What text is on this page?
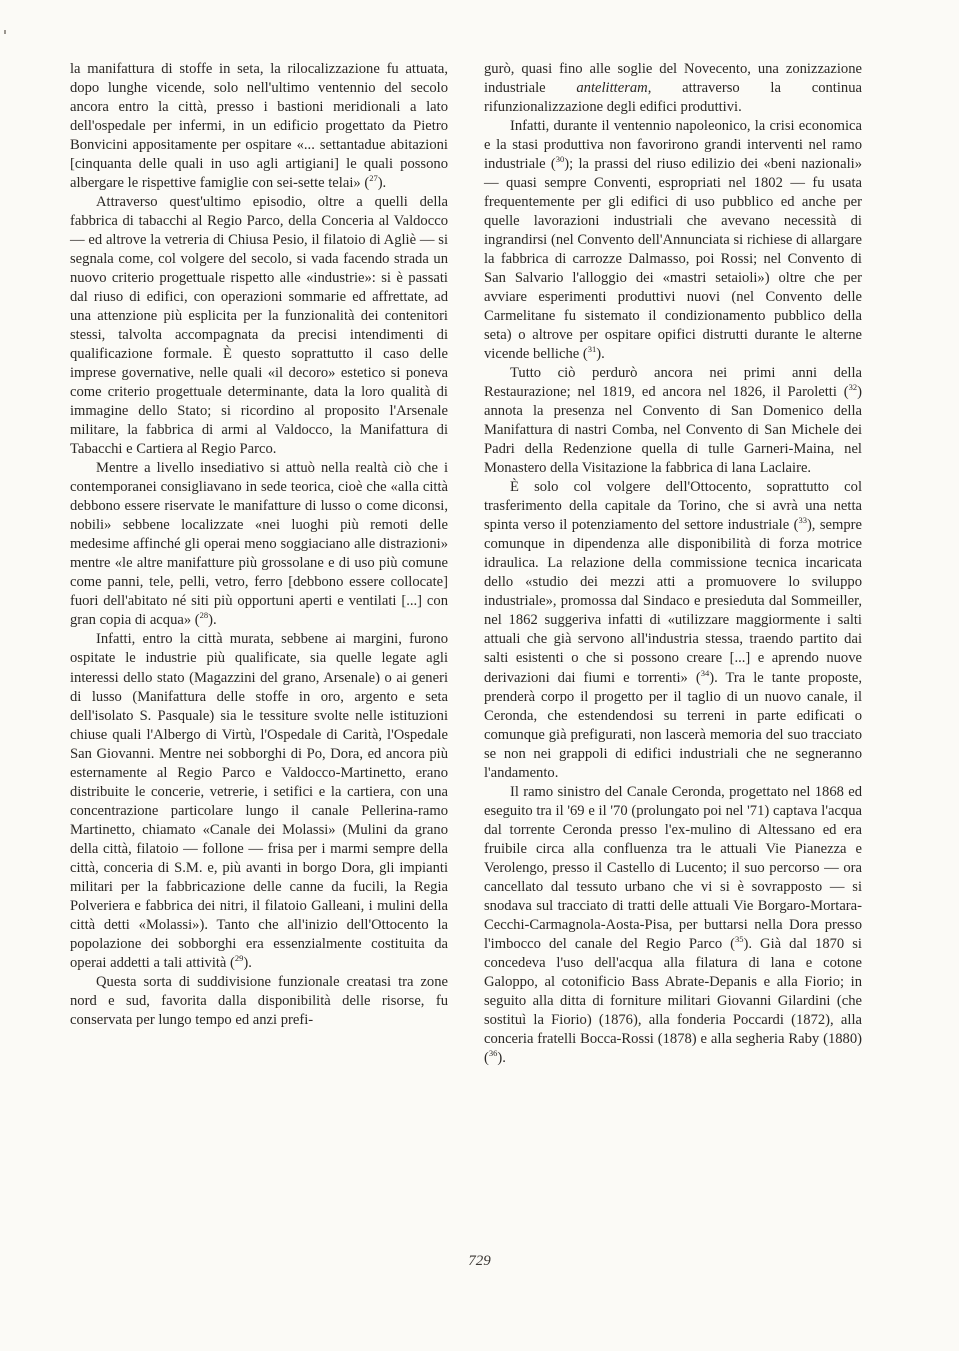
la manifattura di stoffe in seta, la rilocalizzazione fu attuata, dopo lunghe vicende, solo nell'ultimo ventennio del secolo ancora entro la città, presso i bastioni meridionali a lato dell'ospedale per infermi, in un edificio progettato da Pietro Bonvicini appositamente per ospitare «... settantadue abitazioni [cinquanta delle quali in uso agli artigiani] le quali possono albergare le rispettive famiglie con sei-sette telai» ($^{27}$).

Attraverso quest'ultimo episodio, oltre a quelli della fabbrica di tabacchi al Regio Parco, della Conceria al Valdocco — ed altrove la vetreria di Chiusa Pesio, il filatoio di Agliè — si segnala come, col volgere del secolo, si vada facendo strada un nuovo criterio progettuale rispetto alle «industrie»: si è passati dal riuso di edifici, con operazioni sommarie ed affrettate, ad una attenzione più esplicita per la funzionalità dei contenitori stessi, talvolta accompagnata da precisi intendimenti di qualificazione formale. È questo soprattutto il caso delle imprese governative, nelle quali «il decoro» estetico si poneva come criterio progettuale determinante, data la loro qualità di immagine dello Stato; si ricordino al proposito l'Arsenale militare, la fabbrica di armi al Valdocco, la Manifattura di Tabacchi e Cartiera al Regio Parco.

Mentre a livello insediativo si attuò nella realtà ciò che i contemporanei consigliavano in sede teorica, cioè che «alla città debbono essere riservate le manifatture di lusso o come diconsi, nobili» sebbene localizzate «nei luoghi più remoti delle medesime affinché gli operai meno soggiaciano alle distrazioni» mentre «le altre manifatture più grossolane e di uso più comune come panni, tele, pelli, vetro, ferro [debbono essere collocate] fuori dell'abitato né siti più opportuni aperti e ventilati [...] con gran copia di acqua» ($^{28}$).

Infatti, entro la città murata, sebbene ai margini, furono ospitate le industrie più qualificate, sia quelle legate agli interessi dello stato (Magazzini del grano, Arsenale) o ai generi di lusso (Manifattura delle stoffe in oro, argento e seta dell'isolato S. Pasquale) sia le tessiture svolte nelle istituzioni chiuse quali l'Albergo di Virtù, l'Ospedale di Carità, l'Ospedale San Giovanni. Mentre nei sobborghi di Po, Dora, ed ancora più esternamente al Regio Parco e Valdocco-Martinetto, erano distribuite le concerie, vetrerie, i setifici e la cartiera, con una concentrazione particolare lungo il canale Pellerina-ramo Martinetto, chiamato «Canale dei Molassi» (Mulini da grano della città, filatoio — follone — frisa per i marmi sempre della città, conceria di S.M. e, più avanti in borgo Dora, gli impianti militari per la fabbricazione delle canne da fucili, la Regia Polveriera e fabbrica dei nitri, il filatoio Galleani, i mulini della città detti «Molassi»). Tanto che all'inizio dell'Ottocento la popolazione dei sobborghi era essenzialmente costituita da operai addetti a tali attività ($^{29}$).

Questa sorta di suddivisione funzionale creatasi tra zone nord e sud, favorita dalla disponibilità delle risorse, fu conservata per lungo tempo ed anzi prefi-

gurò, quasi fino alle soglie del Novecento, una zonizzazione industriale antelitteram, attraverso la continua rifunzionalizzazione degli edifici produttivi.

Infatti, durante il ventennio napoleonico, la crisi economica e la stasi produttiva non favorirono grandi interventi nel ramo industriale ($^{30}$); la prassi del riuso edilizio dei «beni nazionali» — quasi sempre Conventi, espropriati nel 1802 — fu usata frequentemente per gli edifici di uso pubblico ed anche per quelle lavorazioni industriali che avevano necessità di ingrandirsi (nel Convento dell'Annunciata si richiese di allargare la fabbrica di carrozze Dalmasso, poi Rossi; nel Convento di San Salvario l'alloggio dei «mastri setaioli») oltre che per avviare esperimenti produttivi nuovi (nel Convento delle Carmelitane fu sistemato il condizionamento pubblico della seta) o altrove per ospitare opifici distrutti durante le alterne vicende belliche ($^{31}$).

Tutto ciò perdurò ancora nei primi anni della Restaurazione; nel 1819, ed ancora nel 1826, il Paroletti ($^{32}$) annota la presenza nel Convento di San Domenico della Manifattura di nastri Comba, nel Convento di San Michele dei Padri della Redenzione quella di tulle Garneri-Maina, nel Monastero della Visitazione la fabbrica di lana Laclaire.

È solo col volgere dell'Ottocento, soprattutto col trasferimento della capitale da Torino, che si avrà una netta spinta verso il potenziamento del settore industriale ($^{33}$), sempre comunque in dipendenza alle disponibilità di forza motrice idraulica. La relazione della commissione tecnica incaricata dello «studio dei mezzi atti a promuovere lo sviluppo industriale», promossa dal Sindaco e presieduta dal Sommeiller, nel 1862 suggeriva infatti di «utilizzare maggiormente i salti attuali che già servono all'industria stessa, traendo partito dai salti esistenti o che si possono creare [...] e aprendo nuove derivazioni dai fiumi e torrenti» ($^{34}$). Tra le tante proposte, prenderà corpo il progetto per il taglio di un nuovo canale, il Ceronda, che estendendosi su terreni in parte edificati o comunque già prefigurati, non lascerà memoria del suo tracciato se non nei grappoli di edifici industriali che ne segneranno l'andamento.

Il ramo sinistro del Canale Ceronda, progettato nel 1868 ed eseguito tra il '69 e il '70 (prolungato poi nel '71) captava l'acqua dal torrente Ceronda presso l'ex-mulino di Altessano ed era fruibile circa alla confluenza tra le attuali Vie Pianezza e Verolengo, presso il Castello di Lucento; il suo percorso — ora cancellato dal tessuto urbano che vi si è sovrapposto — si snodava sul tracciato di tratti delle attuali Vie Borgaro-Mortara-Cecchi-Carmagnola-Aosta-Pisa, per buttarsi nella Dora presso l'imbocco del canale del Regio Parco ($^{35}$). Già dal 1870 si concedeva l'uso dell'acqua alla filatura di lana e cotone Galoppo, al cotonificio Bass Abrate-Depanis e alla Fiorio; in seguito alla ditta di forniture militari Giovanni Gilardini (che sostituì la Fiorio) (1876), alla fonderia Poccardi (1872), alla conceria fratelli Bocca-Rossi (1878) e alla segheria Raby (1880) ($^{36}$).

729
